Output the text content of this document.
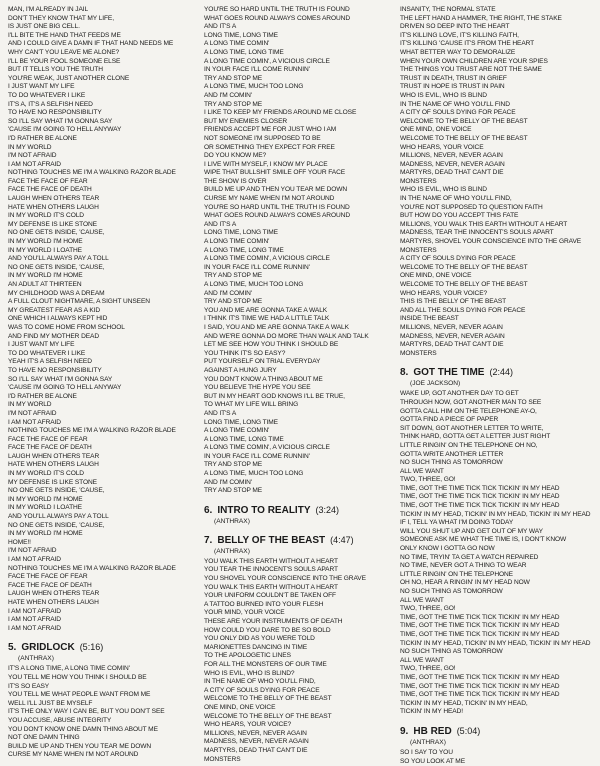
MAN, I'M ALREADY IN JAIL
DON'T THEY KNOW THAT MY LIFE,
IS JUST ONE BIG CELL.
I'LL BITE THE HAND THAT FEEDS ME
AND I COULD GIVE A DAMN IF THAT HAND NEEDS ME
WHY CAN'T YOU LEAVE ME ALONE?
I'LL BE YOUR FOOL SOMEONE ELSE
BUT IT TELLS YOU THE TRUTH
YOU'RE WEAK, JUST ANOTHER CLONE
I JUST WANT MY LIFE
TO DO WHATEVER I LIKE
IT'S A, IT'S A SELFISH NEED
TO HAVE NO RESPONSIBILITY
SO I'LL SAY WHAT I'M GONNA SAY
'CAUSE I'M GOING TO HELL ANYWAY
I'D RATHER BE ALONE
IN MY WORLD
I'M NOT AFRAID
I AM NOT AFRAID
NOTHING TOUCHES ME I'M A WALKING RAZOR BLADE
FACE THE FACE OF FEAR
FACE THE FACE OF DEATH
LAUGH WHEN OTHERS TEAR
HATE WHEN OTHERS LAUGH
IN MY WORLD IT'S COLD
MY DEFENSE IS LIKE STONE
NO ONE GETS INSIDE, 'CAUSE,
IN MY WORLD I'M HOME
IN MY WORLD I LOATHE
AND YOU'LL ALWAYS PAY A TOLL
NO ONE GETS INSIDE, 'CAUSE,
IN MY WORLD I'M HOME
AN ADULT AT THIRTEEN
MY CHILDHOOD WAS A DREAM
A FULL CLOUT NIGHTMARE, A SIGHT UNSEEN
MY GREATEST FEAR AS A KID
ONE WHICH I ALWAYS KEPT HID
WAS TO COME HOME FROM SCHOOL
AND FIND MY MOTHER DEAD
I JUST WANT MY LIFE
TO DO WHATEVER I LIKE
YEAH IT'S A SELFISH NEED
TO HAVE NO RESPONSIBILITY
SO I'LL SAY WHAT I'M GONNA SAY
'CAUSE I'M GOING TO HELL ANYWAY
I'D RATHER BE ALONE
IN MY WORLD
I'M NOT AFRAID
I AM NOT AFRAID
NOTHING TOUCHES ME I'M A WALKING RAZOR BLADE
FACE THE FACE OF FEAR
FACE THE FACE OF DEATH
LAUGH WHEN OTHERS TEAR
HATE WHEN OTHERS LAUGH
IN MY WORLD IT'S COLD
MY DEFENSE IS LIKE STONE
NO ONE GETS INSIDE, 'CAUSE,
IN MY WORLD I'M HOME
IN MY WORLD I LOATHE
AND YOU'LL ALWAYS PAY A TOLL
NO ONE GETS INSIDE, 'CAUSE,
IN MY WORLD I'M HOME
HOME!!
I'M NOT AFRAID
I AM NOT AFRAID
NOTHING TOUCHES ME I'M A WALKING RAZOR BLADE
FACE THE FACE OF FEAR
FACE THE FACE OF DEATH
LAUGH WHEN OTHERS TEAR
HATE WHEN OTHERS LAUGH
I AM NOT AFRAID
I AM NOT AFRAID
I AM NOT AFRAID
5. GRIDLOCK (5:16)
(ANTHRAX)
IT'S A LONG TIME, A LONG TIME COMIN'
YOU TELL ME HOW YOU THINK I SHOULD BE
IT'S SO EASY
YOU TELL ME WHAT PEOPLE WANT FROM ME
WELL I'LL JUST BE MYSELF
IT'S THE ONLY WAY I CAN BE, BUT YOU DON'T SEE
YOU ACCUSE, ABUSE INTEGRITY
YOU DON'T KNOW ONE DAMN THING ABOUT ME
NOT ONE DAMN THING
BUILD ME UP AND THEN YOU TEAR ME DOWN
CURSE MY NAME WHEN I'M NOT AROUND
YOU'RE SO HARD UNTIL THE TRUTH IS FOUND
WHAT GOES ROUND ALWAYS COMES AROUND
AND IT'S A
LONG TIME, LONG TIME
A LONG TIME COMIN'
A LONG TIME, LONG TIME
A LONG TIME COMIN', A VICIOUS CIRCLE
IN YOUR FACE I'LL COME RUNNIN'
TRY AND STOP ME
A LONG TIME, MUCH TOO LONG
AND I'M COMIN'
TRY AND STOP ME
I LIKE TO KEEP MY FRIENDS AROUND ME CLOSE
BUT MY ENEMIES CLOSER
FRIENDS ACCEPT ME FOR JUST WHO I AM
NOT SOMEONE I'M SUPPOSED TO BE
OR SOMETHING THEY EXPECT FOR FREE
DO YOU KNOW ME?
I LIVE WITH MYSELF, I KNOW MY PLACE
WIPE THAT BULLSHIT SMILE OFF YOUR FACE
THE SHOW IS OVER
BUILD ME UP AND THEN YOU TEAR ME DOWN
CURSE MY NAME WHEN I'M NOT AROUND
YOU'RE SO HARD UNTIL THE TRUTH IS FOUND
WHAT GOES ROUND ALWAYS COMES AROUND
AND IT'S A
LONG TIME, LONG TIME
A LONG TIME COMIN'
A LONG TIME, LONG TIME
A LONG TIME COMIN', A VICIOUS CIRCLE
IN YOUR FACE I'LL COME RUNNIN'
TRY AND STOP ME
A LONG TIME, MUCH TOO LONG
AND I'M COMIN'
TRY AND STOP ME
YOU AND ME ARE GONNA TAKE A WALK
I THINK IT'S TIME WE HAD A LITTLE TALK
I SAID, YOU AND ME ARE GONNA TAKE A WALK
AND WE'RE GONNA DO MORE THAN WALK AND TALK
LET ME SEE HOW YOU THINK I SHOULD BE
YOU THINK IT'S SO EASY?
PUT YOURSELF ON TRIAL EVERYDAY
AGAINST A HUNG JURY
YOU DON'T KNOW A THING ABOUT ME
YOU BELIEVE THE HYPE YOU SEE
BUT IN MY HEART GOD KNOWS I'LL BE TRUE,
TO WHAT MY LIFE WILL BRING
AND IT'S A
LONG TIME, LONG TIME
A LONG TIME COMIN'
A LONG TIME, LONG TIME
A LONG TIME COMIN', A VICIOUS CIRCLE
IN YOUR FACE I'LL COME RUNNIN'
TRY AND STOP ME
A LONG TIME, MUCH TOO LONG
AND I'M COMIN'
TRY AND STOP ME
6. INTRO TO REALITY (3:24)
(ANTHRAX)
7. BELLY OF THE BEAST (4:47)
(ANTHRAX)
YOU WALK THIS EARTH WITHOUT A HEART
YOU TEAR THE INNOCENT'S SOULS APART
YOU SHOVEL YOUR CONSCIENCE INTO THE GRAVE
YOU WALK THIS EARTH WITHOUT A HEART
YOUR UNIFORM COULDN'T BE TAKEN OFF
A TATTOO BURNED INTO YOUR FLESH
YOUR MIND, YOUR VOICE
THESE ARE YOUR INSTRUMENTS OF DEATH
HOW COULD YOU DARE TO BE SO BOLD
YOU ONLY DID AS YOU WERE TOLD
MARIONETTES DANCING IN TIME
TO THE APOLOGETIC LINES
FOR ALL THE MONSTERS OF OUR TIME
WHO IS EVIL, WHO IS BLIND?
IN THE NAME OF WHO YOU'LL FIND,
A CITY OF SOULS DYING FOR PEACE
WELCOME TO THE BELLY OF THE BEAST
ONE MIND, ONE VOICE
WELCOME TO THE BELLY OF THE BEAST
WHO HEARS, YOUR VOICE?
MILLIONS, NEVER, NEVER AGAIN
MADNESS, NEVER, NEVER AGAIN
MARTYRS, DEAD THAT CAN'T DIE
MONSTERS
INSANITY, THE NORMAL STATE
THE LEFT HAND A HAMMER, THE RIGHT, THE STAKE
DRIVEN SO DEEP INTO THE HEART
IT'S KILLING LOVE, IT'S KILLING FAITH,
IT'S KILLING 'CAUSE IT'S FROM THE HEART
WHAT BETTER WAY TO DEMORALIZE
WHEN YOUR OWN CHILDREN ARE YOUR SPIES
THE THINGS YOU TRUST ARE NOT THE SAME
TRUST IN DEATH, TRUST IN GRIEF
TRUST IN HOPE IS TRUST IN PAIN
WHO IS EVIL, WHO IS BLIND
IN THE NAME OF WHO YOU'LL FIND
A CITY OF SOULS DYING FOR PEACE
WELCOME TO THE BELLY OF THE BEAST
ONE MIND, ONE VOICE
WELCOME TO THE BELLY OF THE BEAST
WHO HEARS, YOUR VOICE
MILLIONS, NEVER, NEVER AGAIN
MADNESS, NEVER, NEVER AGAIN
MARTYRS, DEAD THAT CAN'T DIE
MONSTERS
WHO IS EVIL, WHO IS BLIND
IN THE NAME OF WHO YOU'LL FIND,
YOU'RE NOT SUPPOSED TO QUESTION FAITH
BUT HOW DO YOU ACCEPT THIS FATE
MILLIONS, YOU WALK THIS EARTH WITHOUT A HEART
MADNESS, TEAR THE INNOCENT'S SOULS APART
MARTYRS, SHOVEL YOUR CONSCIENCE INTO THE GRAVE
MONSTERS
A CITY OF SOULS DYING FOR PEACE
WELCOME TO THE BELLY OF THE BEAST
ONE MIND, ONE VOICE
WELCOME TO THE BELLY OF THE BEAST
WHO HEARS, YOUR VOICE?
THIS IS THE BELLY OF THE BEAST
AND ALL THE SOULS DYING FOR PEACE
INSIDE THE BEAST
MILLIONS, NEVER, NEVER AGAIN
MADNESS, NEVER, NEVER AGAIN
MARTYRS, DEAD THAT CAN'T DIE
MONSTERS
8. GOT THE TIME (2:44)
(JOE JACKSON)
WAKE UP, GOT ANOTHER DAY TO GET
THROUGH NOW, GOT ANOTHER MAN TO SEE
GOTTA CALL HIM ON THE TELEPHONE AY-O,
GOTTA FIND A PIECE OF PAPER
SIT DOWN, GOT ANOTHER LETTER TO WRITE,
THINK HARD, GOTTA GET A LETTER JUST RIGHT
LITTLE RINGIN' ON THE TELEPHONE OH NO,
GOTTA WRITE ANOTHER LETTER
NO SUCH THING AS TOMORROW
ALL WE WANT
TWO, THREE, GO!
TIME, GOT THE TIME TICK TICK TICKIN' IN MY HEAD
TIME, GOT THE TIME TICK TICK TICKIN' IN MY HEAD
TIME, GOT THE TIME TICK TICK TICKIN' IN MY HEAD
TICKIN' IN MY HEAD, TICKIN' IN MY HEAD, TICKIN' IN MY HEAD
IF I, TELL YA WHAT I'M DOING TODAY
WILL YOU SHUT UP AND GET OUT OF MY WAY
SOMEONE ASK ME WHAT THE TIME IS, I DON'T KNOW
ONLY KNOW I GOTTA GO NOW
NO TIME, TRYIN' TA GET A WATCH REPAIRED
NO TIME, NEVER GOT A THING TO WEAR
LITTLE RINGIN' ON THE TELEPHONE
OH NO, HEAR A RINGIN' IN MY HEAD NOW
NO SUCH THING AS TOMORROW
ALL WE WANT
TWO, THREE, GO!
TIME, GOT THE TIME TICK TICK TICKIN' IN MY HEAD
TIME, GOT THE TIME TICK TICK TICKIN' IN MY HEAD
TIME, GOT THE TIME TICK TICK TICKIN' IN MY HEAD
TICKIN' IN MY HEAD, TICKIN' IN MY HEAD, TICKIN' IN MY HEAD
NO SUCH THING AS TOMORROW
ALL WE WANT
TWO, THREE, GO!
TIME, GOT THE TIME TICK TICK TICKIN' IN MY HEAD
TIME, GOT THE TIME TICK TICK TICKIN' IN MY HEAD
TIME, GOT THE TIME TICK TICK TICKIN' IN MY HEAD
TICKIN' IN MY HEAD, TICKIN' IN MY HEAD,
TICKIN' IN MY HEAD!
9. HB RED (5:04)
(ANTHRAX)
SO I SAY TO YOU
SO YOU LOOK AT ME
